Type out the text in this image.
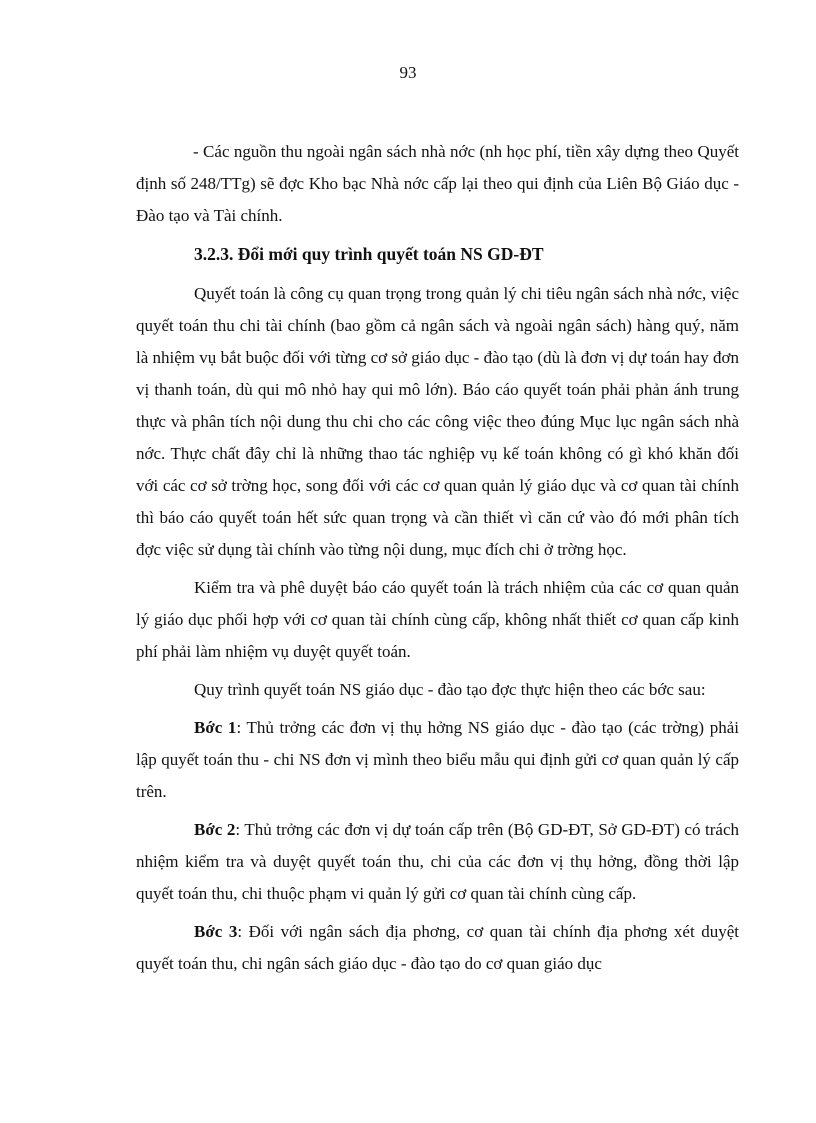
93

- Các nguồn thu ngoài ngân sách nhà nớc (nh học phí, tiền xây dựng theo Quyết định số 248/TTg) sẽ đợc Kho bạc Nhà nớc cấp lại theo qui định của Liên Bộ Giáo dục - Đào tạo và Tài chính.

3.2.3. Đổi mới quy trình quyết toán NS GD-ĐT

Quyết toán là công cụ quan trọng trong quản lý chi tiêu ngân sách nhà nớc, việc quyết toán thu chi tài chính (bao gồm cả ngân sách và ngoài ngân sách) hàng quý, năm là nhiệm vụ bắt buộc đối với từng cơ sở giáo dục - đào tạo (dù là đơn vị dự toán hay đơn vị thanh toán, dù qui mô nhỏ hay qui mô lớn). Báo cáo quyết toán phải phản ánh trung thực và phân tích nội dung thu chi cho các công việc theo đúng Mục lục ngân sách nhà nớc. Thực chất đây chỉ là những thao tác nghiệp vụ kế toán không có gì khó khăn đối với các cơ sở trờng học, song đối với các cơ quan quản lý giáo dục và cơ quan tài chính thì báo cáo quyết toán hết sức quan trọng và cần thiết vì căn cứ vào đó mới phân tích đợc việc sử dụng tài chính vào từng nội dung, mục đích chi ở trờng học.

Kiểm tra và phê duyệt báo cáo quyết toán là trách nhiệm của các cơ quan quản lý giáo dục phối hợp với cơ quan tài chính cùng cấp, không nhất thiết cơ quan cấp kinh phí phải làm nhiệm vụ duyệt quyết toán.

Quy trình quyết toán NS giáo dục - đào tạo đợc thực hiện theo các bớc sau:

Bớc 1: Thủ trởng các đơn vị thụ hởng NS giáo dục - đào tạo (các trờng) phải lập quyết toán thu - chi NS đơn vị mình theo biểu mẫu qui định gửi cơ quan quản lý cấp trên.

Bớc 2: Thủ trởng các đơn vị dự toán cấp trên (Bộ GD-ĐT, Sở GD-ĐT) có trách nhiệm kiểm tra và duyệt quyết toán thu, chi của các đơn vị thụ hởng, đồng thời lập quyết toán thu, chi thuộc phạm vi quản lý gửi cơ quan tài chính cùng cấp.

Bớc 3: Đối với ngân sách địa phơng, cơ quan tài chính địa phơng xét duyệt quyết toán thu, chi ngân sách giáo dục - đào tạo do cơ quan giáo dục
